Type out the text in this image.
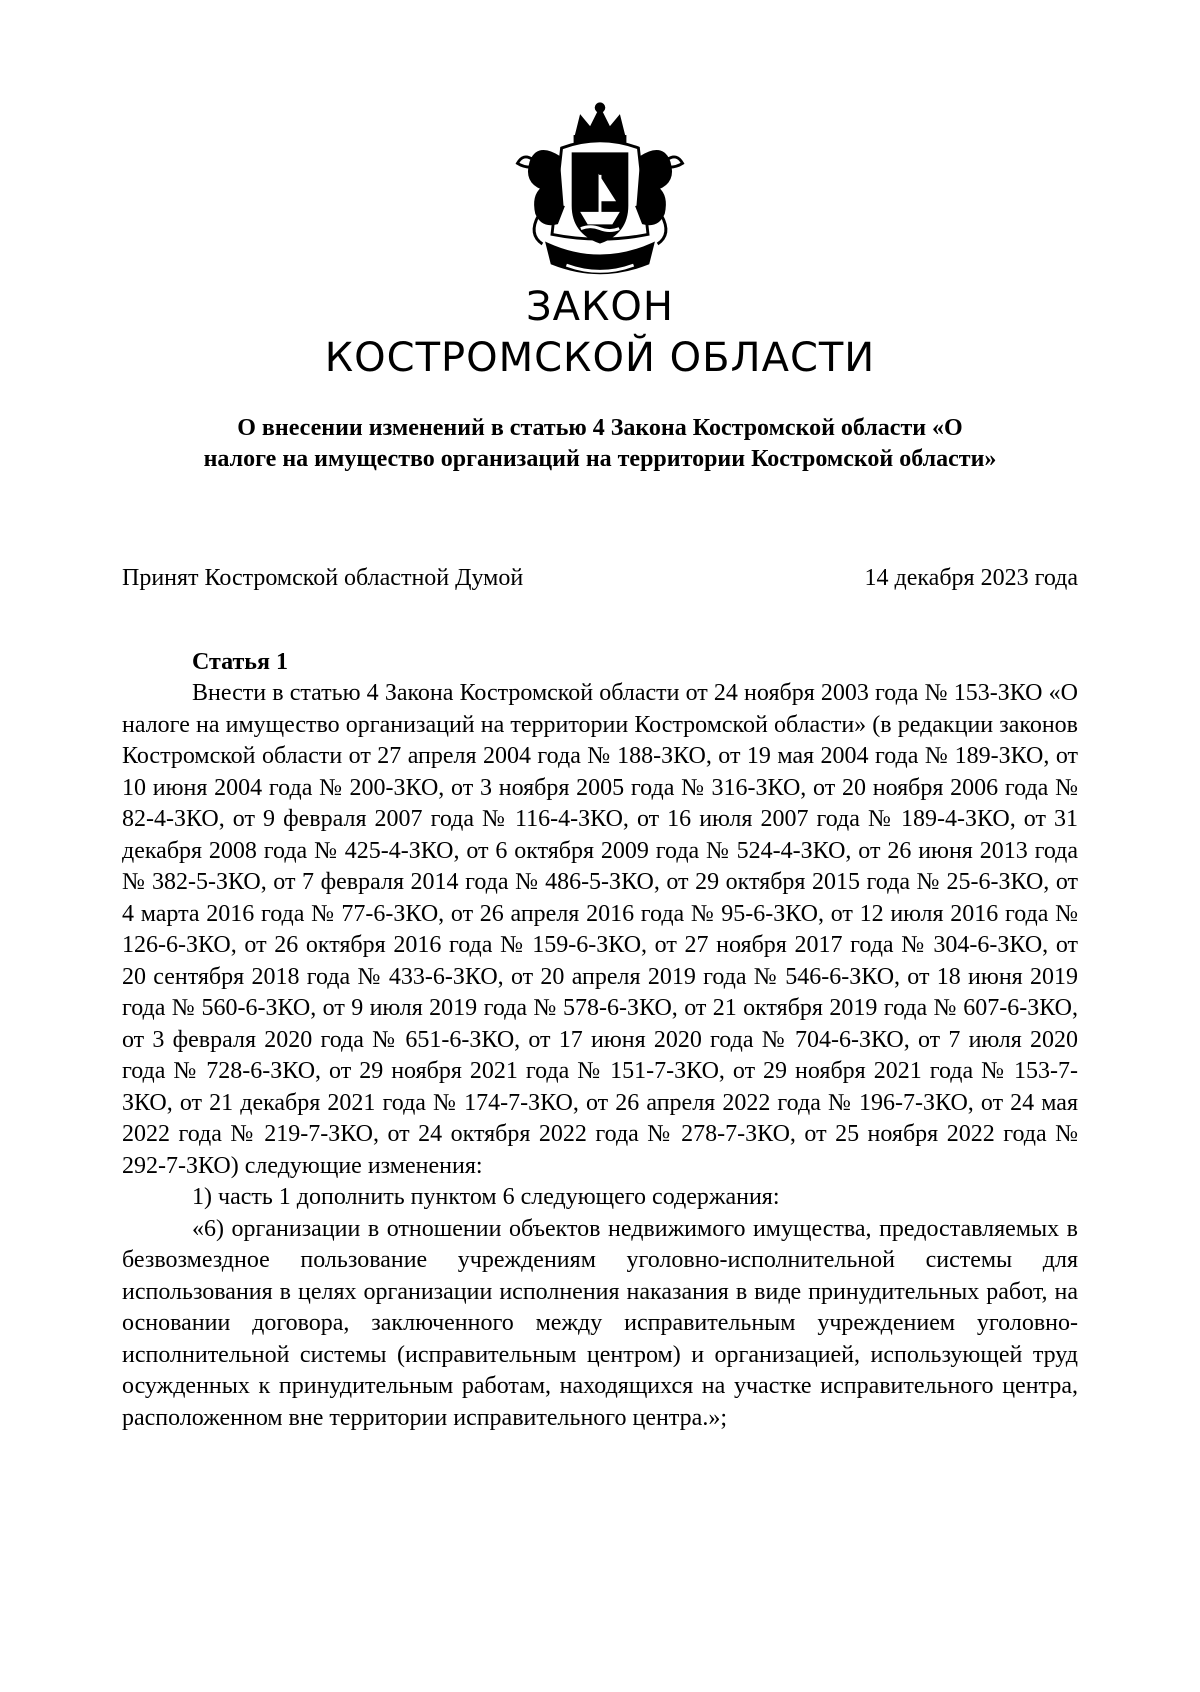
ЗАКОН
КОСТРОМСКОЙ ОБЛАСТИ
О внесении изменений в статью 4 Закона Костромской области «О налоге на имущество организаций на территории Костромской области»
Принят Костромской областной Думой	14 декабря 2023 года
Статья 1

Внести в статью 4 Закона Костромской области от 24 ноября 2003 года № 153-ЗКО «О налоге на имущество организаций на территории Костромской области» (в редакции законов Костромской области от 27 апреля 2004 года № 188-ЗКО, от 19 мая 2004 года № 189-ЗКО, от 10 июня 2004 года № 200-ЗКО, от 3 ноября 2005 года № 316-ЗКО, от 20 ноября 2006 года № 82-4-ЗКО, от 9 февраля 2007 года № 116-4-ЗКО, от 16 июля 2007 года № 189-4-ЗКО, от 31 декабря 2008 года № 425-4-ЗКО, от 6 октября 2009 года № 524-4-ЗКО, от 26 июня 2013 года № 382-5-ЗКО, от 7 февраля 2014 года № 486-5-ЗКО, от 29 октября 2015 года № 25-6-ЗКО, от 4 марта 2016 года № 77-6-ЗКО, от 26 апреля 2016 года № 95-6-ЗКО, от 12 июля 2016 года № 126-6-ЗКО, от 26 октября 2016 года № 159-6-ЗКО, от 27 ноября 2017 года № 304-6-ЗКО, от 20 сентября 2018 года № 433-6-ЗКО, от 20 апреля 2019 года № 546-6-ЗКО, от 18 июня 2019 года № 560-6-ЗКО, от 9 июля 2019 года № 578-6-ЗКО, от 21 октября 2019 года № 607-6-ЗКО, от 3 февраля 2020 года № 651-6-ЗКО, от 17 июня 2020 года № 704-6-ЗКО, от 7 июля 2020 года № 728-6-ЗКО, от 29 ноября 2021 года № 151-7-ЗКО, от 29 ноября 2021 года № 153-7-ЗКО, от 21 декабря 2021 года № 174-7-ЗКО, от 26 апреля 2022 года № 196-7-ЗКО, от 24 мая 2022 года № 219-7-ЗКО, от 24 октября 2022 года № 278-7-ЗКО, от 25 ноября 2022 года № 292-7-ЗКО) следующие изменения:

1) часть 1 дополнить пунктом 6 следующего содержания:

«6) организации в отношении объектов недвижимого имущества, предоставляемых в безвозмездное пользование учреждениям уголовно-исполнительной системы для использования в целях организации исполнения наказания в виде принудительных работ, на основании договора, заключенного между исправительным учреждением уголовно-исполнительной системы (исправительным центром) и организацией, использующей труд осужденных к принудительным работам, находящихся на участке исправительного центра, расположенном вне территории исправительного центра.»;
